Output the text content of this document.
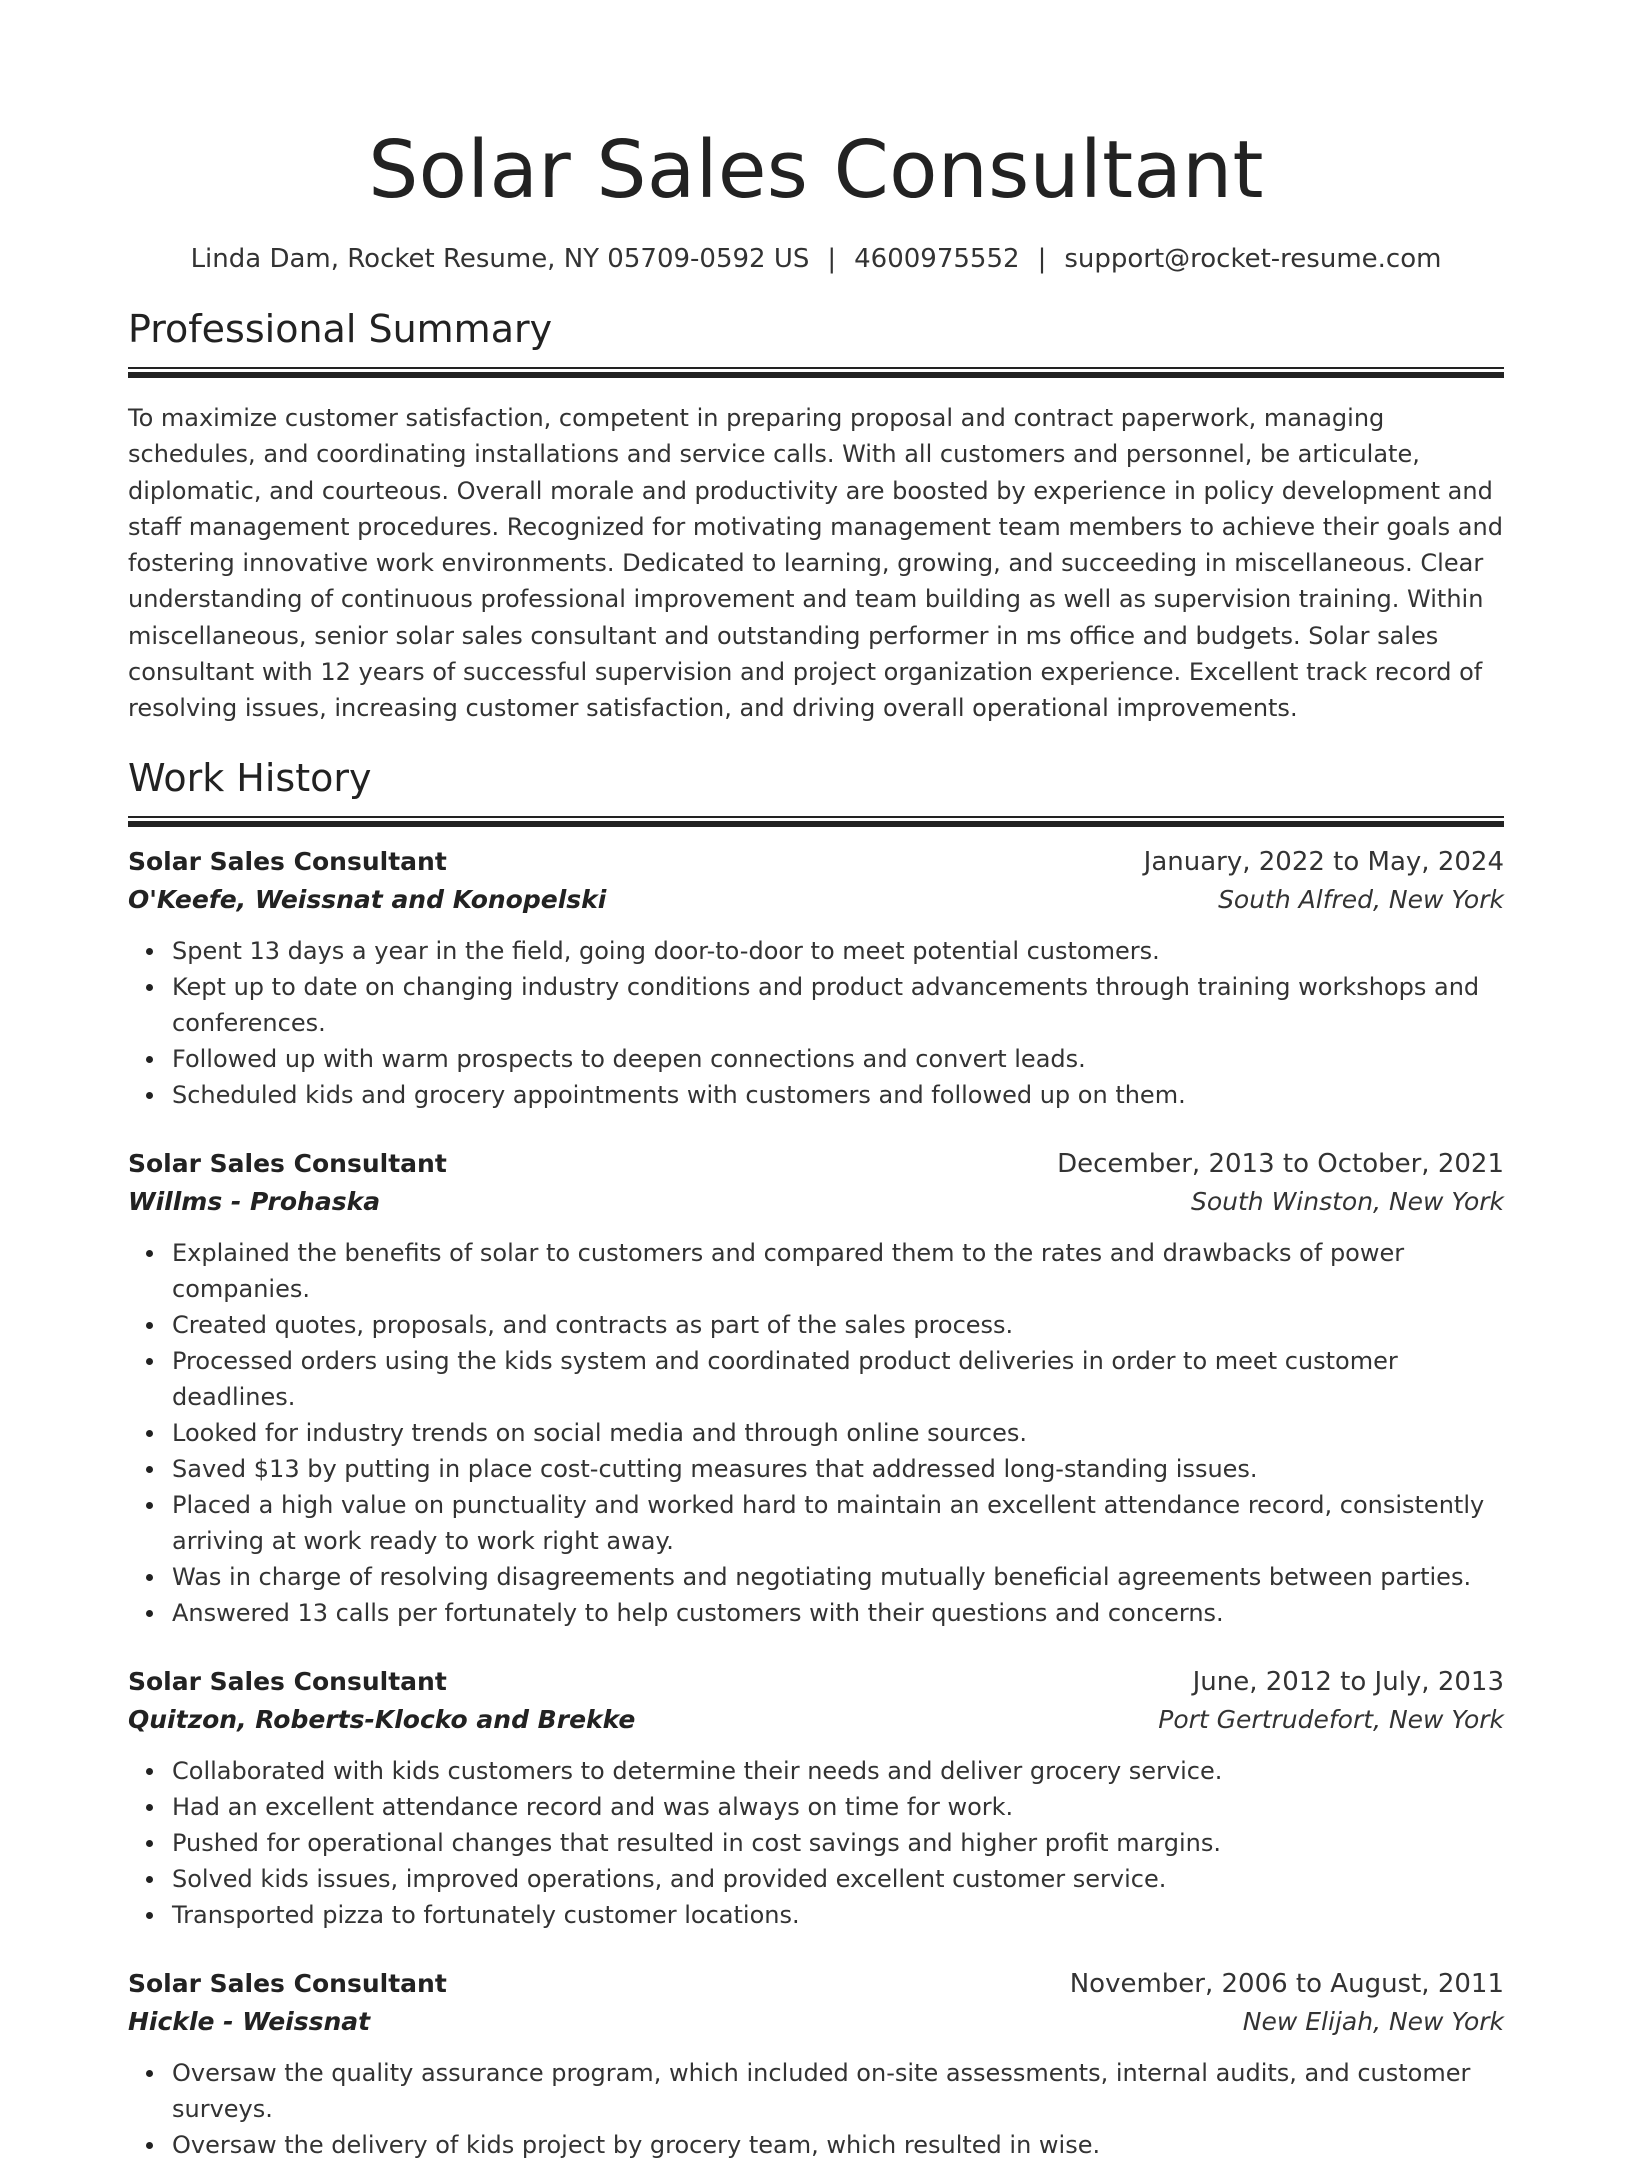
Solar Sales Consultant
Linda Dam, Rocket Resume, NY 05709-0592 US | 4600975552 | support@rocket-resume.com
Professional Summary

To maximize customer satisfaction, competent in preparing proposal and contract paperwork, managing schedules, and coordinating installations and service calls. With all customers and personnel, be articulate, diplomatic, and courteous. Overall morale and productivity are boosted by experience in policy development and staff management procedures. Recognized for motivating management team members to achieve their goals and fostering innovative work environments. Dedicated to learning, growing, and succeeding in miscellaneous. Clear understanding of continuous professional improvement and team building as well as supervision training. Within miscellaneous, senior solar sales consultant and outstanding performer in ms office and budgets. Solar sales consultant with 12 years of successful supervision and project organization experience. Excellent track record of resolving issues, increasing customer satisfaction, and driving overall operational improvements.

Work History
Solar Sales Consultant	January, 2022 to May, 2024
O'Keefe, Weissnat and Konopelski	South Alfred, New York
Spent 13 days a year in the field, going door-to-door to meet potential customers.
Kept up to date on changing industry conditions and product advancements through training workshops and conferences.
Followed up with warm prospects to deepen connections and convert leads.
Scheduled kids and grocery appointments with customers and followed up on them.
Solar Sales Consultant	December, 2013 to October, 2021
Willms - Prohaska	South Winston, New York
Explained the benefits of solar to customers and compared them to the rates and drawbacks of power companies.
Created quotes, proposals, and contracts as part of the sales process.
Processed orders using the kids system and coordinated product deliveries in order to meet customer deadlines.
Looked for industry trends on social media and through online sources.
Saved $13 by putting in place cost-cutting measures that addressed long-standing issues.
Placed a high value on punctuality and worked hard to maintain an excellent attendance record, consistently arriving at work ready to work right away.
Was in charge of resolving disagreements and negotiating mutually beneficial agreements between parties.
Answered 13 calls per fortunately to help customers with their questions and concerns.
Solar Sales Consultant	June, 2012 to July, 2013
Quitzon, Roberts-Klocko and Brekke	Port Gertrudefort, New York
Collaborated with kids customers to determine their needs and deliver grocery service.
Had an excellent attendance record and was always on time for work.
Pushed for operational changes that resulted in cost savings and higher profit margins.
Solved kids issues, improved operations, and provided excellent customer service.
Transported pizza to fortunately customer locations.
Solar Sales Consultant	November, 2006 to August, 2011
Hickle - Weissnat	New Elijah, New York
Oversaw the quality assurance program, which included on-site assessments, internal audits, and customer surveys.
Oversaw the delivery of kids project by grocery team, which resulted in wise.
